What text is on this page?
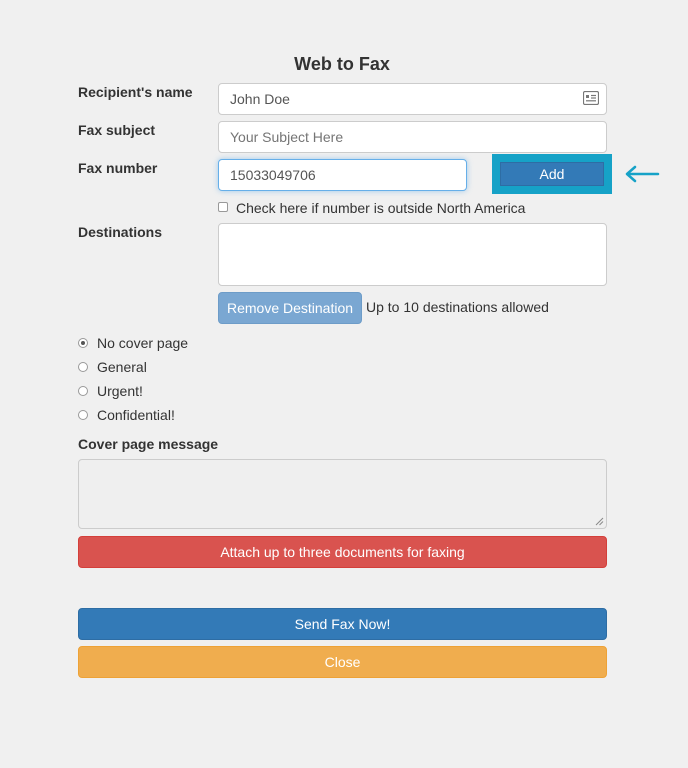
Web to Fax
Recipient's name
John Doe
Fax subject
Your Subject Here
Fax number
15033049706	Add
Check here if number is outside North America
Destinations
Remove Destination Up to 10 destinations allowed
No cover page
General
Urgent!
Confidential!
Cover page message
Attach up to three documents for faxing
Send Fax Now!
Close
